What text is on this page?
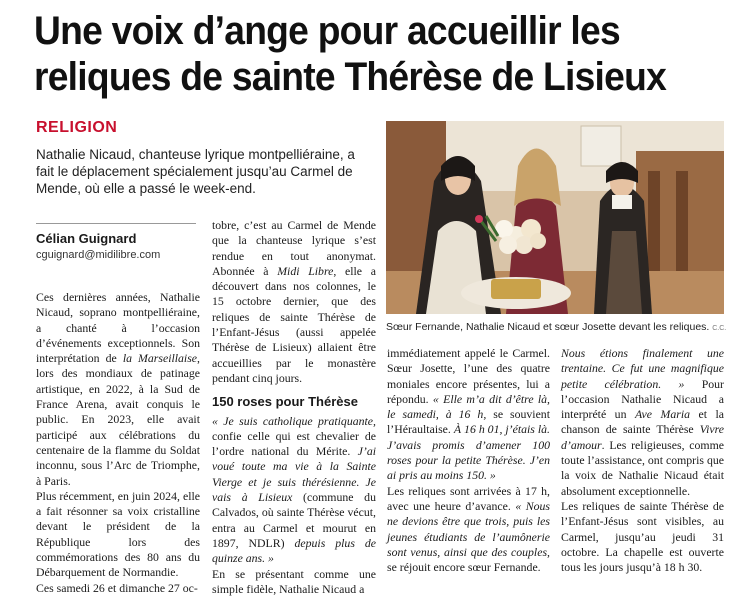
Une voix d’ange pour accueillir les reliques de sainte Thérèse de Lisieux
RELIGION

Nathalie Nicaud, chanteuse lyrique montpelliéraine, a fait le déplacement spécialement jusqu’au Carmel de Mende, où elle a passé le week-end.

Célian Guignard
cguignard@midilibre.com
Sœur Fernande, Nathalie Nicaud et sœur Josette devant les reliques. C.C.

Ces dernières années, Nathalie Nicaud, soprano montpelliéraine, a chanté à l’occasion d’événements exceptionnels. Son interprétation de la Marseillaise, lors des mondiaux de patinage artistique, en 2022, à la Sud de France Arena, avait conquis le public. En 2023, elle avait participé aux célébrations du centenaire de la flamme du Soldat inconnu, sous l’Arc de Triomphe, à Paris.

Plus récemment, en juin 2024, elle a fait résonner sa voix cristalline devant le président de la République lors des commémorations des 80 ans du Débarquement de Normandie.

Ces samedi 26 et dimanche 27 oc-

tobre, c’est au Carmel de Mende que la chanteuse lyrique s’est rendue en tout anonymat. Abonnée à Midi Libre, elle a découvert dans nos colonnes, le 15 octobre dernier, que des reliques de sainte Thérèse de l’Enfant-Jésus (aussi appelée Thérèse de Lisieux) allaient être accueillies par le monastère pendant cinq jours.

150 roses pour Thérèse

« Je suis catholique pratiquante, confie celle qui est chevalier de l’ordre national du Mérite. J’ai voué toute ma vie à la Sainte Vierge et je suis thérésienne. Je vais à Lisieux (commune du Calvados, où sainte Thérèse vécut, entra au Carmel et mourut en 1897, NDLR) depuis plus de quinze ans. »

En se présentant comme une simple fidèle, Nathalie Nicaud a

immédiatement appelé le Carmel. Sœur Josette, l’une des quatre moniales encore présentes, lui a répondu. « Elle m’a dit d’être là, le samedi, à 16 h, se souvient l’Héraultaise. À 16 h 01, j’étais là. J’avais promis d’amener 100 roses pour la petite Thérèse. J’en ai pris au moins 150. »

Les reliques sont arrivées à 17 h, avec une heure d’avance. « Nous ne devions être que trois, puis les jeunes étudiants de l’aumônerie sont venus, ainsi que des couples, se réjouit encore sœur Fernande.

Nous étions finalement une trentaine. Ce fut une magnifique petite célébration. » Pour l’occasion Nathalie Nicaud a interprété un Ave Maria et la chanson de sainte Thérèse Vivre d’amour. Les religieuses, comme toute l’assistance, ont compris que la voix de Nathalie Nicaud était absolument exceptionnelle.

Les reliques de sainte Thérèse de l’Enfant-Jésus sont visibles, au Carmel, jusqu’au jeudi 31 octobre. La chapelle est ouverte tous les jours jusqu’à 18 h 30.
